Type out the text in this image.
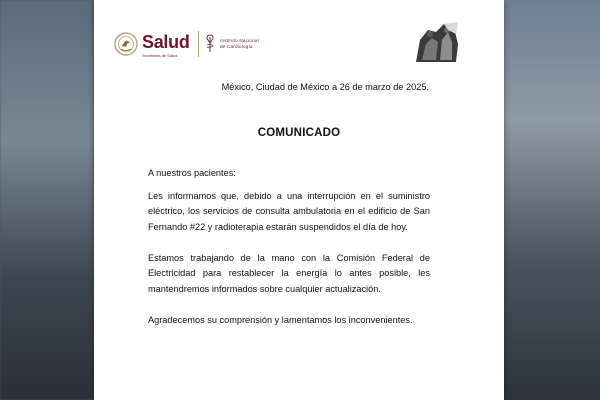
Salud
Secretaría de Salud
Instituto Nacional
de Cardiología
México, Ciudad de México a 26 de marzo de 2025.
COMUNICADO
A nuestros pacientes:
Les informamos que, debido a una interrupción en el suministro eléctrico, los servicios de consulta ambulatoria en el edificio de San Fernando #22 y radioterapia estarán suspendidos el día de hoy.
Estamos trabajando de la mano con la Comisión Federal de Electricidad para restablecer la energía lo antes posible, les mantendremos informados sobre cualquier actualización.
Agradecemos su comprensión y lamentamos los inconvenientes.
